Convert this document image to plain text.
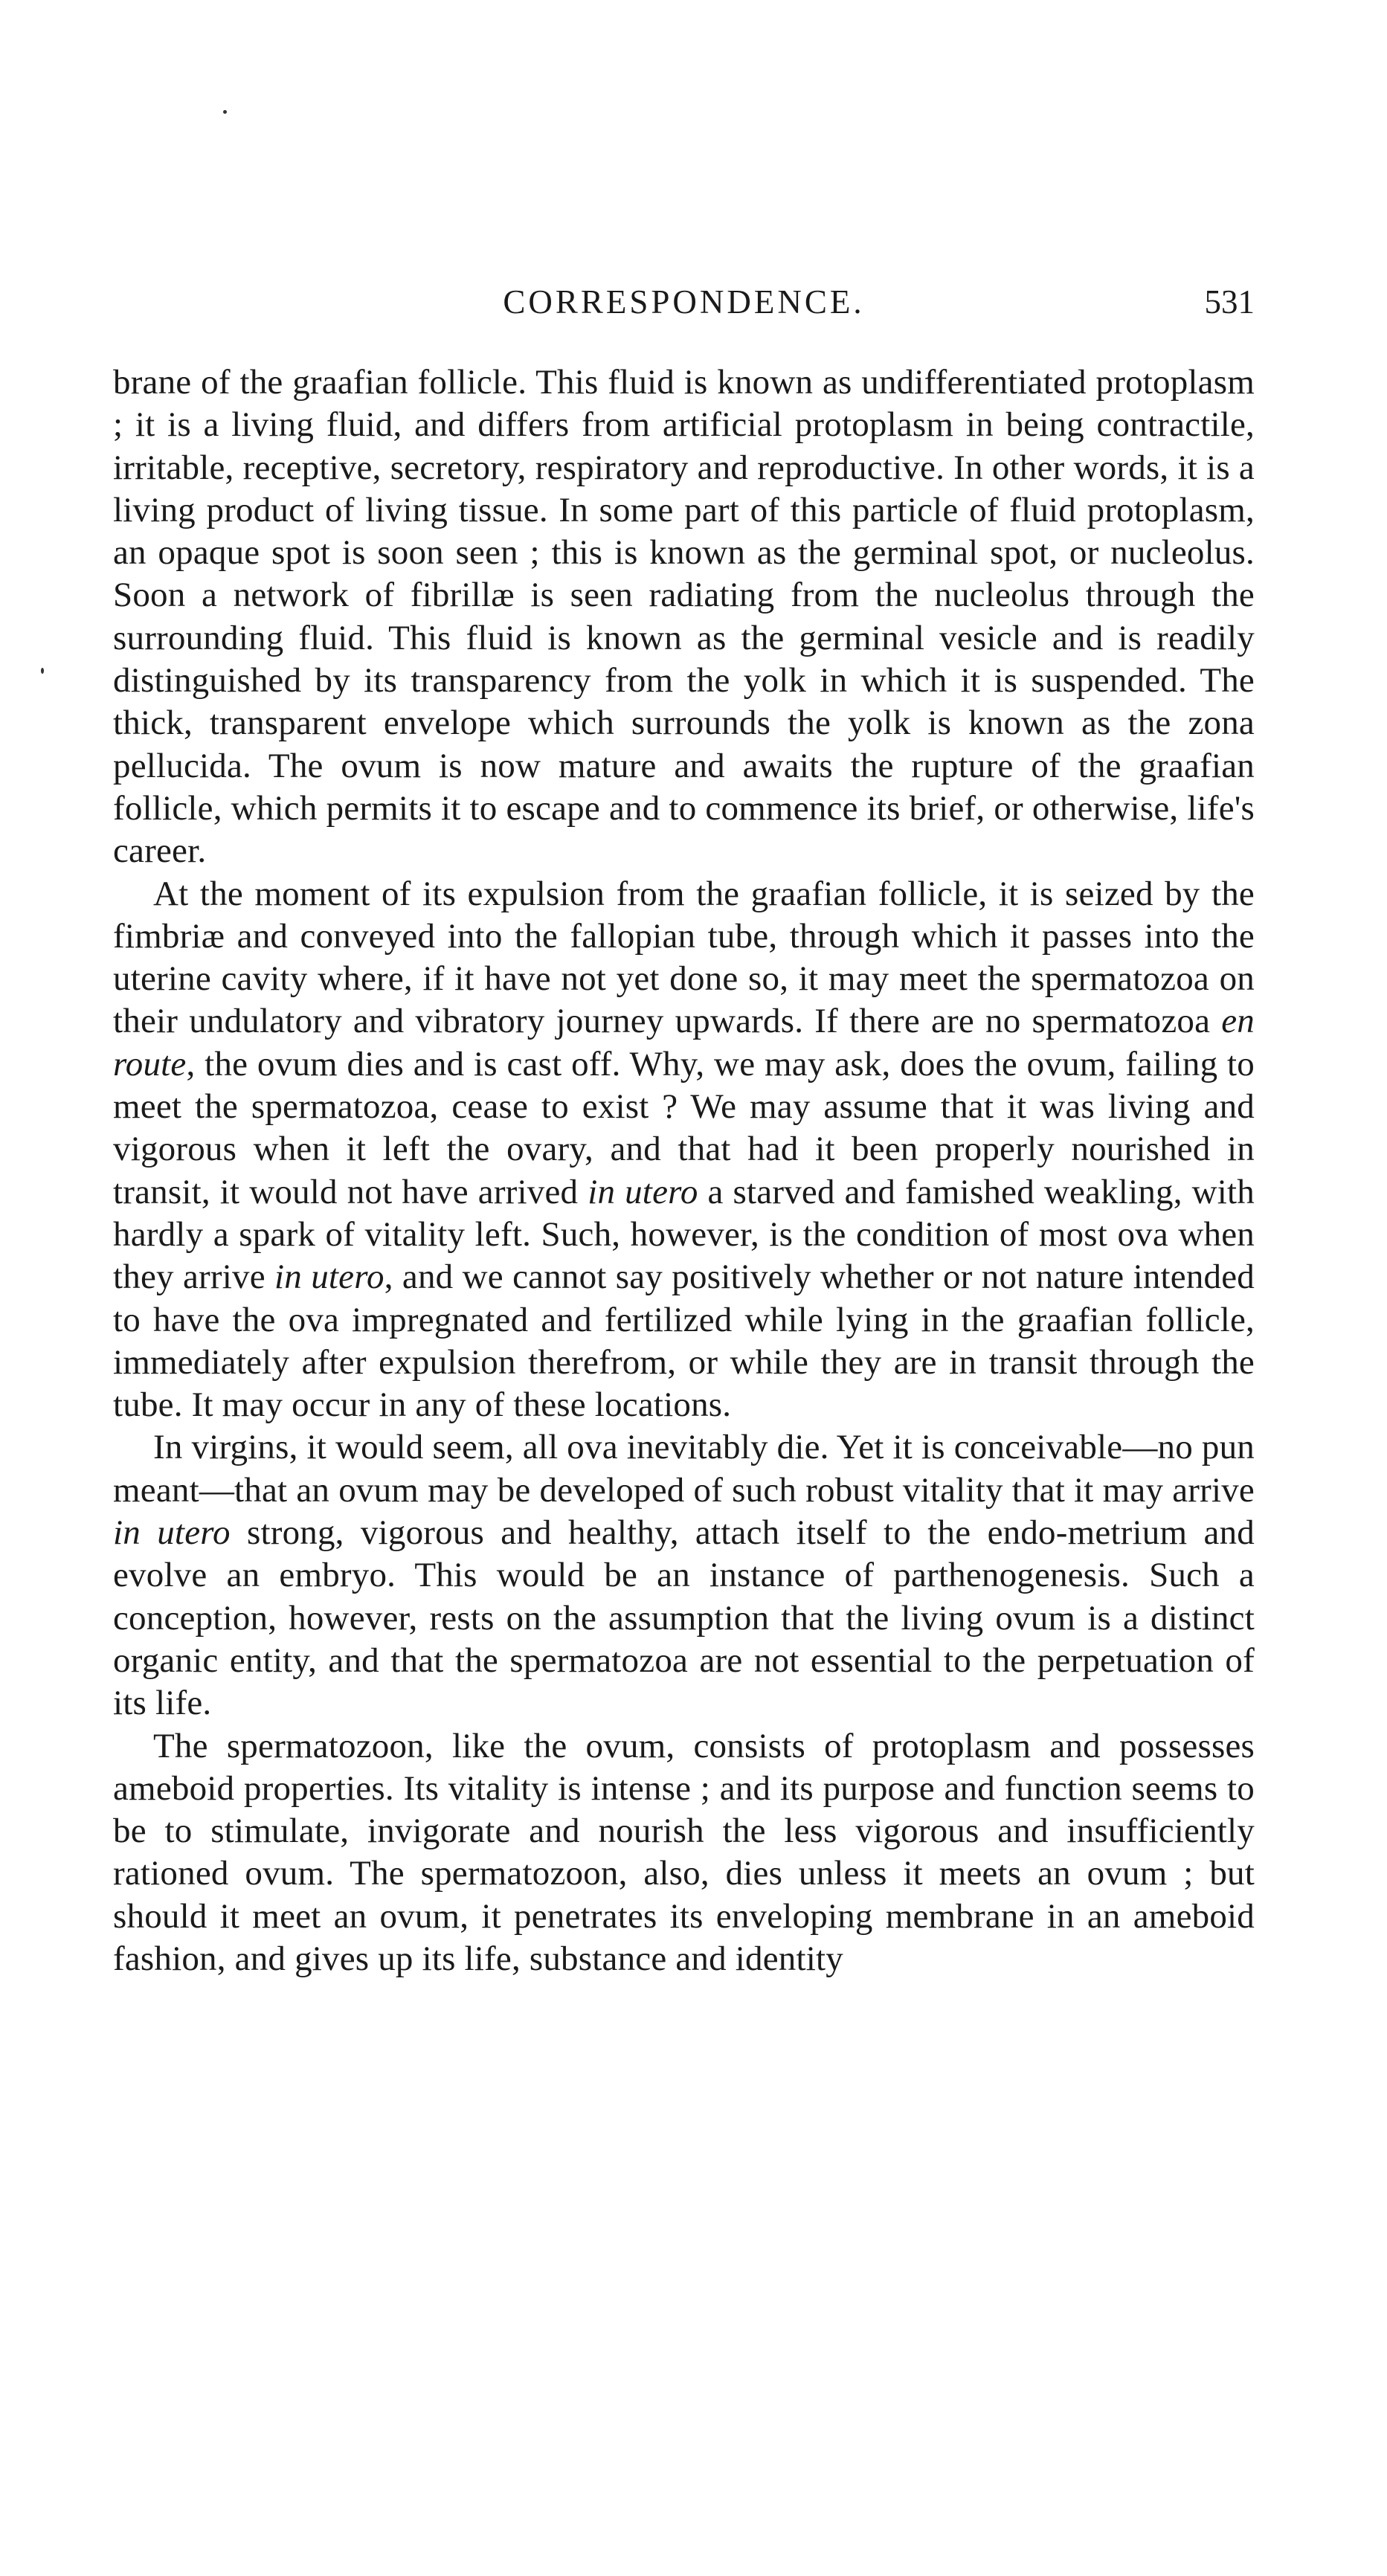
CORRESPONDENCE.	531

brane of the graafian follicle. This fluid is known as undifferentiated protoplasm ; it is a living fluid, and differs from artificial protoplasm in being contractile, irritable, receptive, secretory, respiratory and reproductive. In other words, it is a living product of living tissue. In some part of this particle of fluid protoplasm, an opaque spot is soon seen ; this is known as the germinal spot, or nucleolus. Soon a network of fibrillæ is seen radiating from the nucleolus through the surrounding fluid. This fluid is known as the germinal vesicle and is readily distinguished by its transparency from the yolk in which it is suspended. The thick, transparent envelope which surrounds the yolk is known as the zona pellucida. The ovum is now mature and awaits the rupture of the graafian follicle, which permits it to escape and to commence its brief, or otherwise, life's career.

At the moment of its expulsion from the graafian follicle, it is seized by the fimbriæ and conveyed into the fallopian tube, through which it passes into the uterine cavity where, if it have not yet done so, it may meet the spermatozoa on their undulatory and vibratory journey upwards. If there are no spermatozoa en route, the ovum dies and is cast off. Why, we may ask, does the ovum, failing to meet the spermatozoa, cease to exist ? We may assume that it was living and vigorous when it left the ovary, and that had it been properly nourished in transit, it would not have arrived in utero a starved and famished weakling, with hardly a spark of vitality left. Such, however, is the condition of most ova when they arrive in utero, and we cannot say positively whether or not nature intended to have the ova impregnated and fertilized while lying in the graafian follicle, immediately after expulsion therefrom, or while they are in transit through the tube. It may occur in any of these locations.

In virgins, it would seem, all ova inevitably die. Yet it is conceivable—no pun meant—that an ovum may be developed of such robust vitality that it may arrive in utero strong, vigorous and healthy, attach itself to the endo-metrium and evolve an embryo. This would be an instance of parthenogenesis. Such a conception, however, rests on the assumption that the living ovum is a distinct organic entity, and that the spermatozoa are not essential to the perpetuation of its life.

The spermatozoon, like the ovum, consists of protoplasm and possesses ameboid properties. Its vitality is intense ; and its purpose and function seems to be to stimulate, invigorate and nourish the less vigorous and insufficiently rationed ovum. The spermatozoon, also, dies unless it meets an ovum ; but should it meet an ovum, it penetrates its enveloping membrane in an ameboid fashion, and gives up its life, substance and identity
